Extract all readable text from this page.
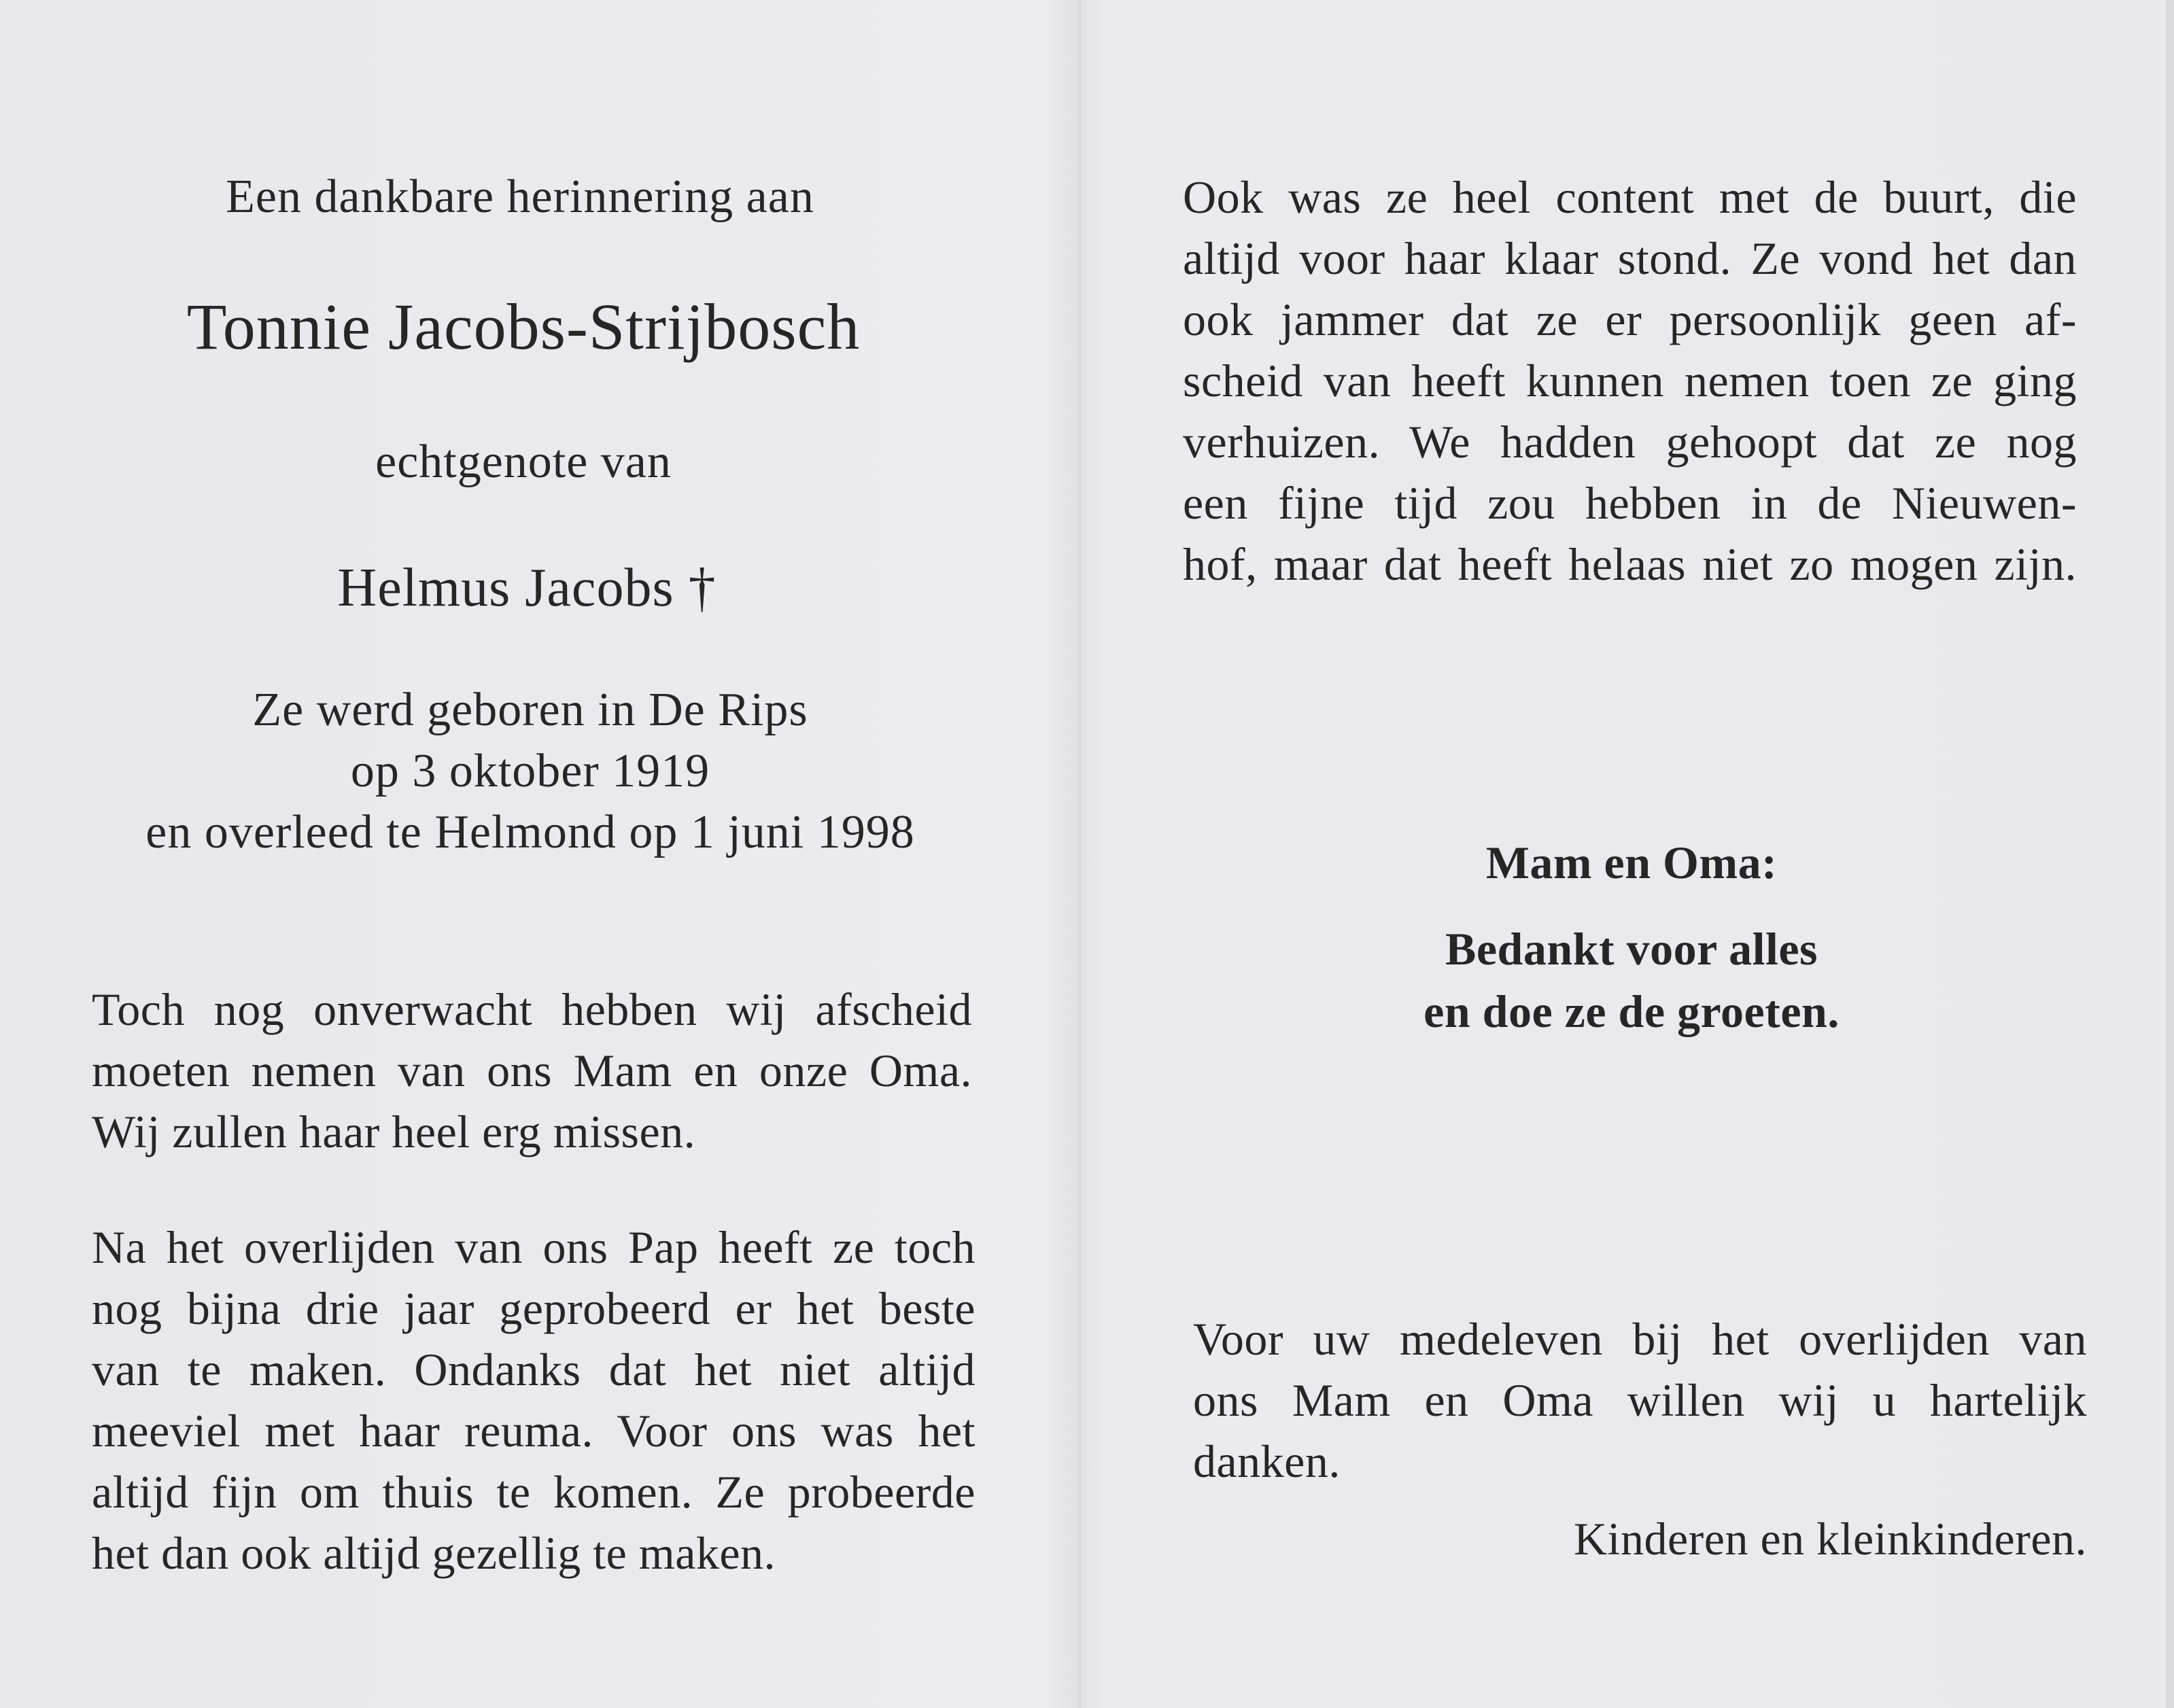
Een dankbare herinnering aan
Tonnie Jacobs-Strijbosch
echtgenote van
Helmus Jacobs †
Ze werd geboren in De Rips
op 3 oktober 1919
en overleed te Helmond op 1 juni 1998
Toch nog onverwacht hebben wij afscheid
moeten nemen van ons Mam en onze Oma.
Wij zullen haar heel erg missen.
Na het overlijden van ons Pap heeft ze toch
nog bijna drie jaar geprobeerd er het beste
van te maken. Ondanks dat het niet altijd
meeviel met haar reuma. Voor ons was het
altijd fijn om thuis te komen. Ze probeerde
het dan ook altijd gezellig te maken.
Ook was ze heel content met de buurt, die
altijd voor haar klaar stond. Ze vond het dan
ook jammer dat ze er persoonlijk geen af-
scheid van heeft kunnen nemen toen ze ging
verhuizen. We hadden gehoopt dat ze nog
een fijne tijd zou hebben in de Nieuwen-
hof, maar dat heeft helaas niet zo mogen zijn.
Mam en Oma:
Bedankt voor alles
en doe ze de groeten.
Voor uw medeleven bij het overlijden van
ons Mam en Oma willen wij u hartelijk
danken.
Kinderen en kleinkinderen.
